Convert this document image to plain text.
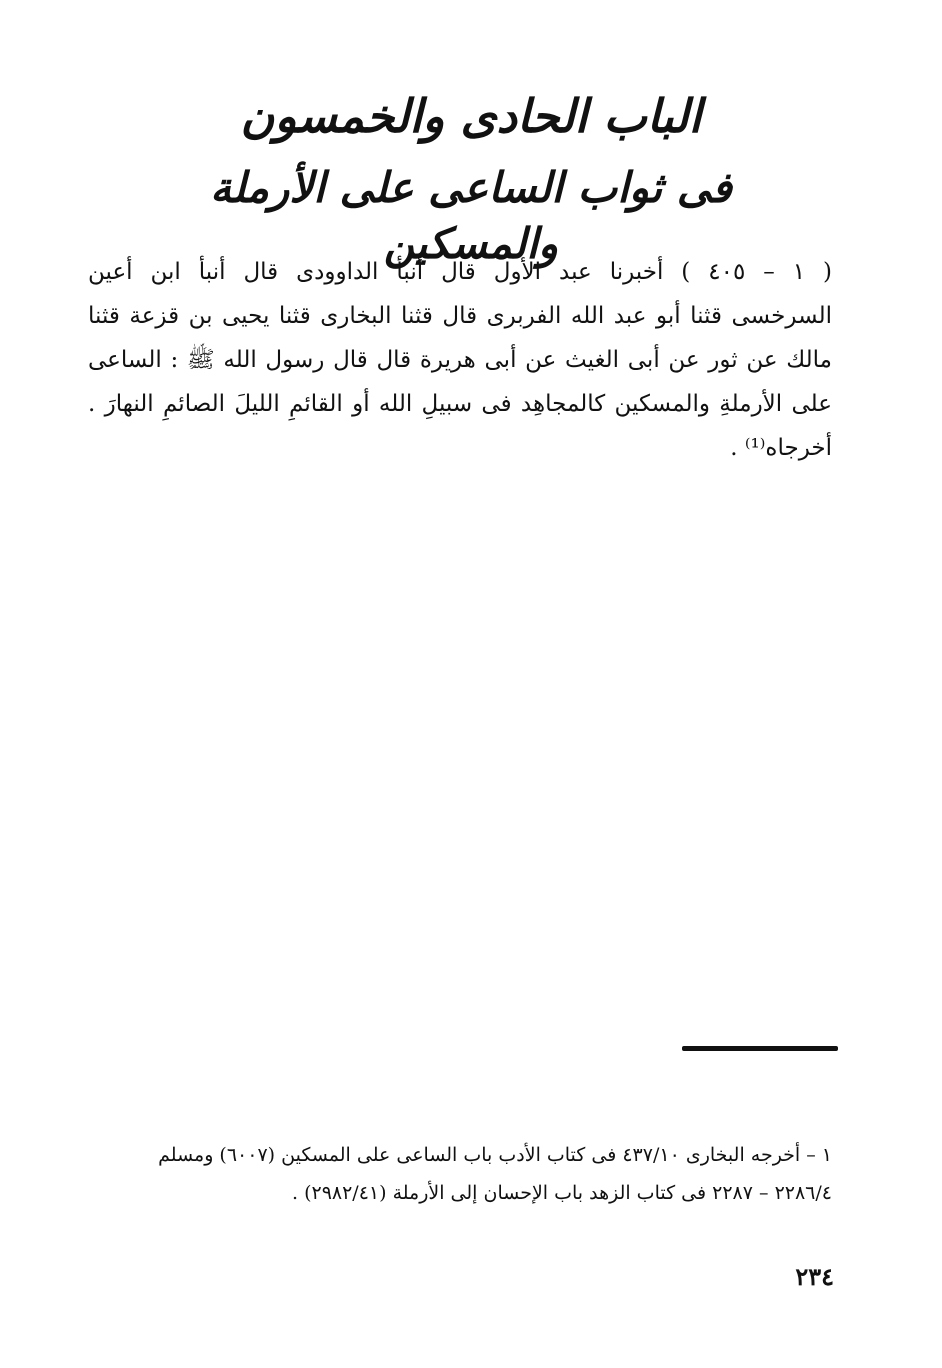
الباب الحادى والخمسون
فى ثواب الساعى على الأرملة والمسكين
( ١ – ٤٠٥ ) أخبرنا عبد الأول قال أنبأ الداوودى قال أنبأ ابن أعين
السرخسى قثنا أبو عبد الله الفربرى قال قثنا البخارى قثنا يحيى بن قزعة قثنا
مالك عن ثور عن أبى الغيث عن أبى هريرة قال قال رسول الله ﷺ : الساعى
على الأرملةِ والمسكين كالمجاهِد فى سبيلِ الله أو القائمِ الليلَ الصائمِ النهارَ .
أخرجاه⁽¹⁾ .
١ – أخرجه البخارى ٤٣٧/١٠ فى كتاب الأدب باب الساعى على المسكين (٦٠٠٧) ومسلم
٢٢٨٦/٤ – ٢٢٨٧ فى كتاب الزهد باب الإحسان إلى الأرملة (٢٩٨٢/٤١) .
٢٣٤
